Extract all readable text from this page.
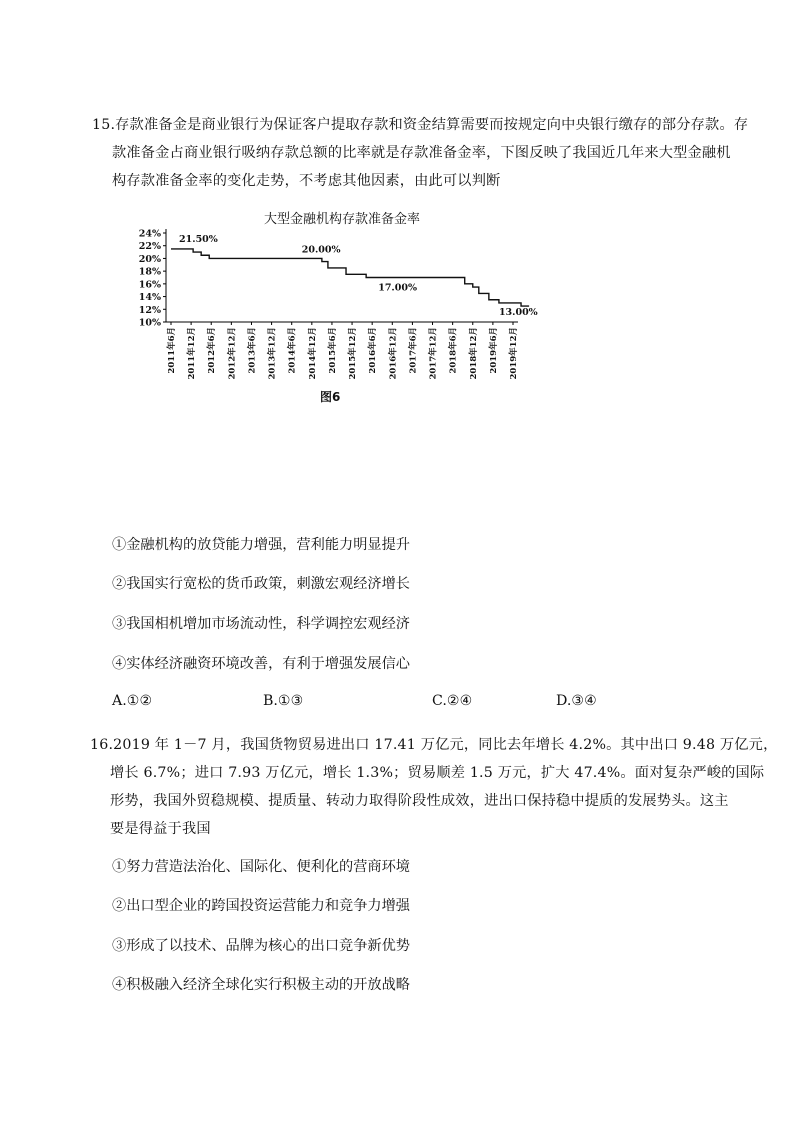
15.存款准备金是商业银行为保证客户提取存款和资金结算需要而按规定向中央银行缴存的部分存款。存
款准备金占商业银行吸纳存款总额的比率就是存款准备金率，下图反映了我国近几年来大型金融机
构存款准备金率的变化走势，不考虑其他因素，由此可以判断
大型金融机构存款准备金率
24%
22%
20%
18%
16%
14%
12%
10%
2011年6月 2011年12月 2012年6月 2012年12月 2013年6月 2013年12月 2014年6月 2014年12月 2015年6月 2015年12月 2016年6月 2016年12月 2017年6月 2017年12月 2018年6月 2018年12月 2019年6月 2019年12月
21.50%
20.00%
17.00%
13.00%
图6
①金融机构的放贷能力增强，营利能力明显提升
②我国实行宽松的货币政策，刺激宏观经济增长
③我国相机增加市场流动性，科学调控宏观经济
④实体经济融资环境改善，有利于增强发展信心
A.①②	B.①③	C.②④	D.③④
16.2019 年 1－7 月，我国货物贸易进出口 17.41 万亿元，同比去年增长 4.2%。其中出口 9.48 万亿元，
增长 6.7%；进口 7.93 万亿元，增长 1.3%；贸易顺差 1.5 万元，扩大 47.4%。面对复杂严峻的国际
形势，我国外贸稳规模、提质量、转动力取得阶段性成效，进出口保持稳中提质的发展势头。这主
要是得益于我国
①努力营造法治化、国际化、便利化的营商环境
②出口型企业的跨国投资运营能力和竞争力增强
③形成了以技术、品牌为核心的出口竞争新优势
④积极融入经济全球化实行积极主动的开放战略
